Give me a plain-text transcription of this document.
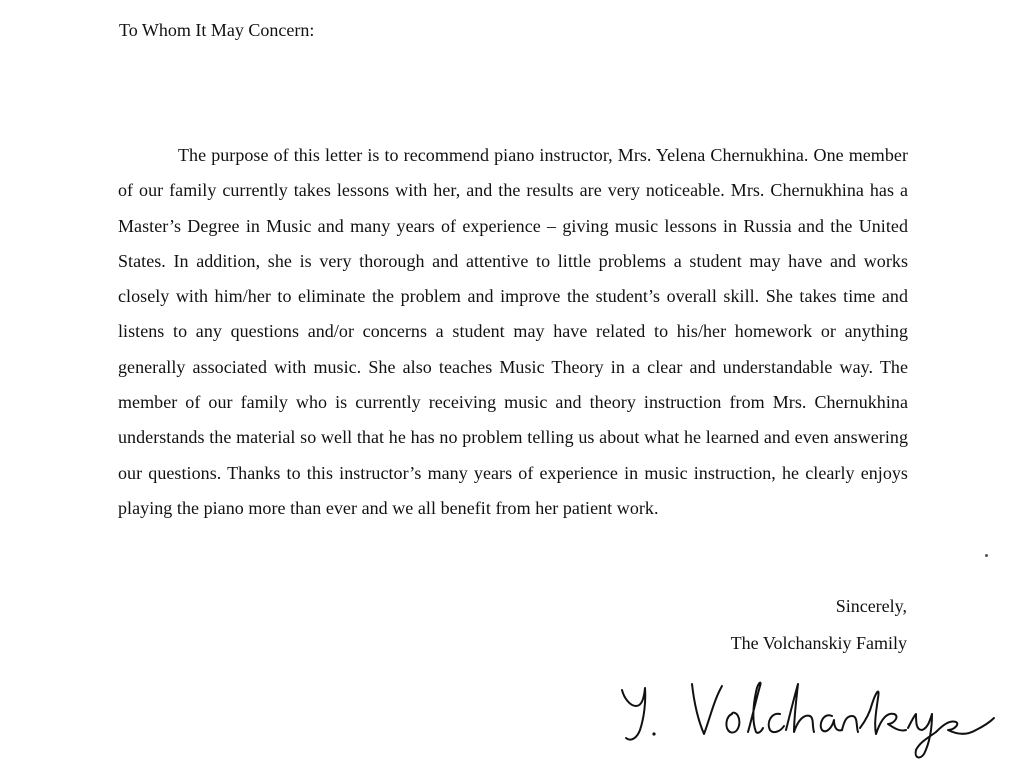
To Whom It May Concern:

The purpose of this letter is to recommend piano instructor, Mrs. Yelena Chernukhina. One member of our family currently takes lessons with her, and the results are very noticeable. Mrs. Chernukhina has a Master’s Degree in Music and many years of experience – giving music lessons in Russia and the United States. In addition, she is very thorough and attentive to little problems a student may have and works closely with him/her to eliminate the problem and improve the student’s overall skill. She takes time and listens to any questions and/or concerns a student may have related to his/her homework or anything generally associated with music. She also teaches Music Theory in a clear and understandable way. The member of our family who is currently receiving music and theory instruction from Mrs. Chernukhina understands the material so well that he has no problem telling us about what he learned and even answering our questions. Thanks to this instructor’s many years of experience in music instruction, he clearly enjoys playing the piano more than ever and we all benefit from her patient work.

Sincerely,

The Volchanskiy Family
